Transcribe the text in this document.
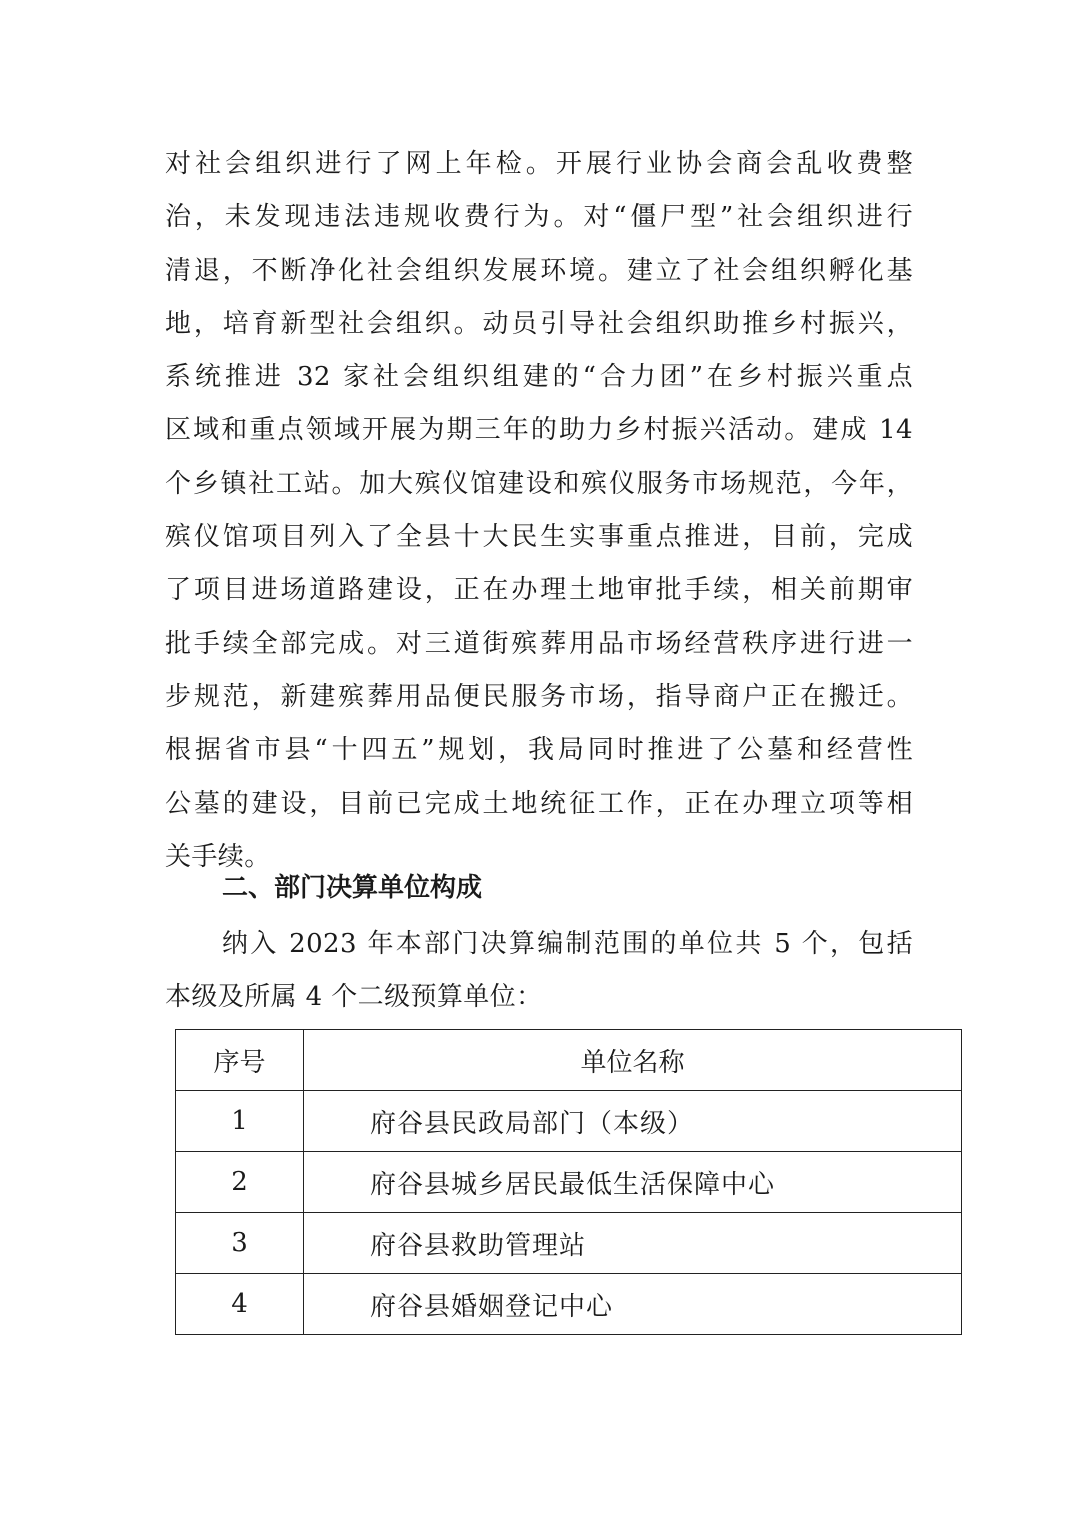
对社会组织进行了网上年检。开展行业协会商会乱收费整
治，未发现违法违规收费行为。对“僵尸型”社会组织进行
清退，不断净化社会组织发展环境。建立了社会组织孵化基
地，培育新型社会组织。动员引导社会组织助推乡村振兴，
系统推进 32 家社会组织组建的“合力团”在乡村振兴重点
区域和重点领域开展为期三年的助力乡村振兴活动。建成 14
个乡镇社工站。加大殡仪馆建设和殡仪服务市场规范，今年，
殡仪馆项目列入了全县十大民生实事重点推进，目前，完成
了项目进场道路建设，正在办理土地审批手续，相关前期审
批手续全部完成。对三道街殡葬用品市场经营秩序进行进一
步规范，新建殡葬用品便民服务市场，指导商户正在搬迁。
根据省市县“十四五”规划，我局同时推进了公墓和经营性
公墓的建设，目前已完成土地统征工作，正在办理立项等相
关手续。
二、部门决算单位构成
纳入 2023 年本部门决算编制范围的单位共 5 个，包括
本级及所属 4 个二级预算单位：
序号	单位名称
1	府谷县民政局部门（本级）
2	府谷县城乡居民最低生活保障中心
3	府谷县救助管理站
4	府谷县婚姻登记中心
